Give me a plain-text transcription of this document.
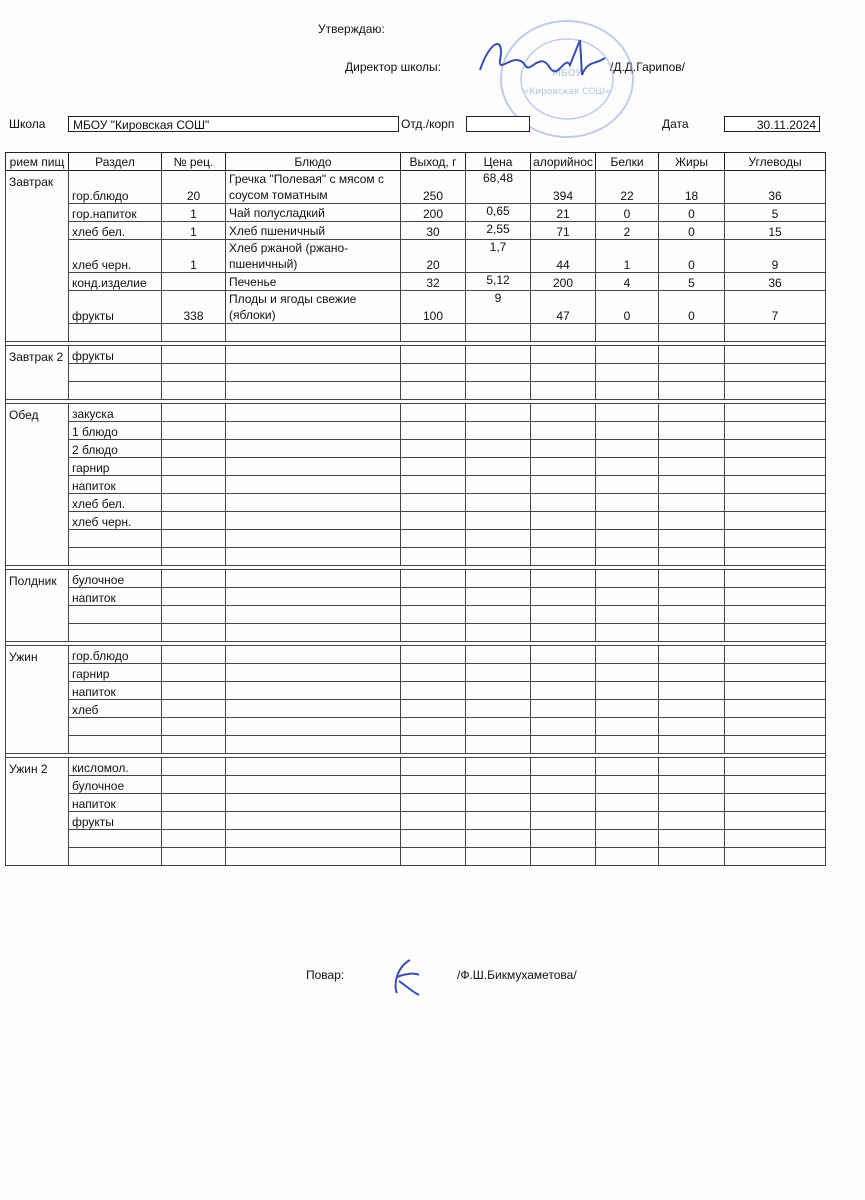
Утверждаю:
Директор школы:	/Д.Д.Гарипов/
МБОУ
«Кировская СОШ»
Школа	МБОУ "Кировская СОШ"	Отд./корп	Дата	30.11.2024
рием пищ	Раздел	№ рец.	Блюдо	Выход, г	Цена	алорийнос	Белки	Жиры	Углеводы
Завтрак	гор.блюдо	20	Гречка "Полевая" с мясом с соусом томатным	250	68,48	394	22	18	36
	гор.напиток	1	Чай полусладкий	200	0,65	21	0	0	5
	хлеб бел.	1	Хлеб пшеничный	30	2,55	71	2	0	15
	хлеб черн.	1	Хлеб ржаной (ржано-пшеничный)	20	1,7	44	1	0	9
	конд.изделие		Печенье	32	5,12	200	4	5	36
	фрукты	338	Плоды и ягоды свежие (яблоки)	100	9	47	0	0	7

Завтрак 2	фрукты								

Обед	закуска								
	1 блюдо								
	2 блюдо								
	гарнир								
	напиток								
	хлеб бел.								
	хлеб черн.								

Полдник	булочное								
	напиток								

Ужин	гор.блюдо								
	гарнир								
	напиток								
	хлеб								

Ужин 2	кисломол.								
	булочное								
	напиток								
	фрукты								

Повар:	/Ф.Ш.Бикмухаметова/
